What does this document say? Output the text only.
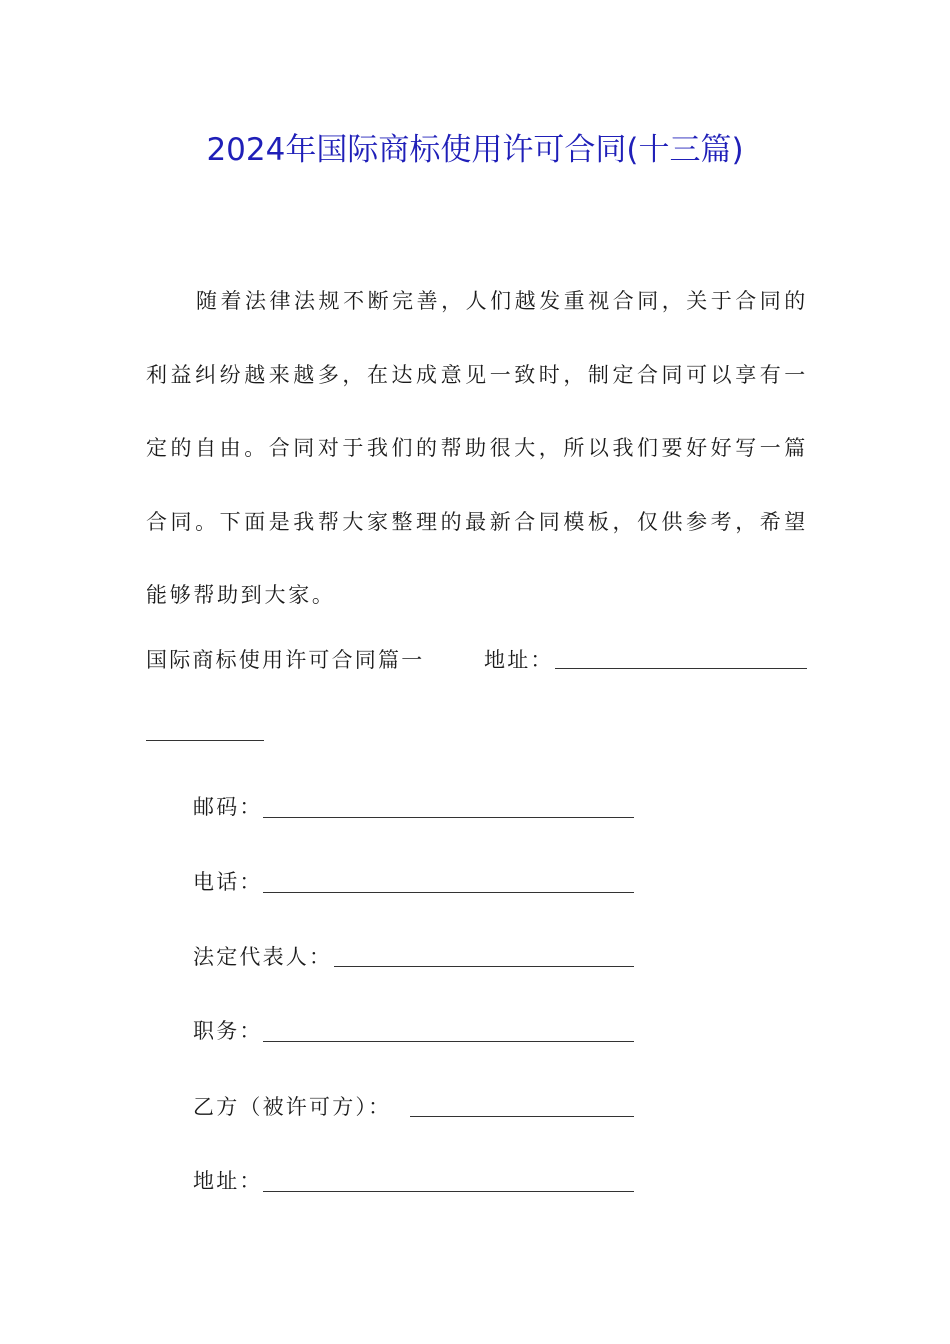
2024年国际商标使用许可合同(十三篇)

随着法律法规不断完善，人们越发重视合同，关于合同的利益纠纷越来越多，在达成意见一致时，制定合同可以享有一定的自由。合同对于我们的帮助很大，所以我们要好好写一篇合同。下面是我帮大家整理的最新合同模板，仅供参考，希望能够帮助到大家。

国际商标使用许可合同篇一	地址：
邮码：
电话：
法定代表人：
职务：
乙方（被许可方）：
地址：
